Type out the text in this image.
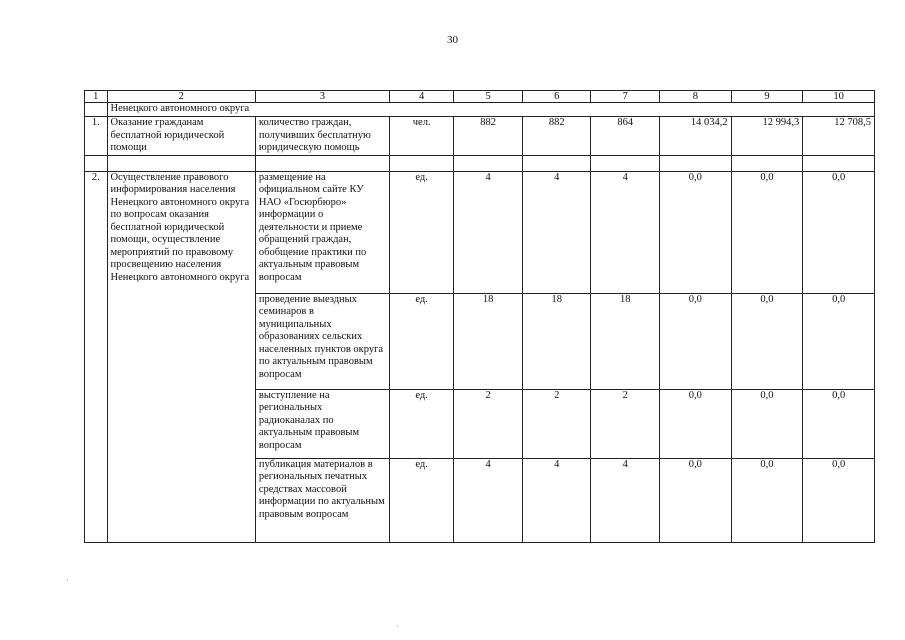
30
1	2	3	4	5	6	7	8	9	10
	Ненецкого автономного округа								
1.	Оказание гражданам бесплатной юридической помощи	количество граждан, получивших бесплатную юридическую помощь	чел.	882	882	864	14 034,2	12 994,3	12 708,5

2.	Осуществление правового информирования населения Ненецкого автономного округа по вопросам оказания бесплатной юридической помощи, осуществление мероприятий по правовому просвещению населения Ненецкого автономного округа	размещение на официальном сайте КУ НАО «Госюрбюро» информации о деятельности и приеме обращений граждан, обобщение практики по актуальным правовым вопросам	ед.	4	4	4	0,0	0,0	0,0
		проведение выездных семинаров в муниципальных образованиях сельских населенных пунктов округа по актуальным правовым вопросам	ед.	18	18	18	0,0	0,0	0,0
		выступление на региональных радиоканалах по актуальным правовым вопросам	ед.	2	2	2	0,0	0,0	0,0
		публикация материалов в региональных печатных средствах массовой информации по актуальным правовым вопросам	ед.	4	4	4	0,0	0,0	0,0
·
·
